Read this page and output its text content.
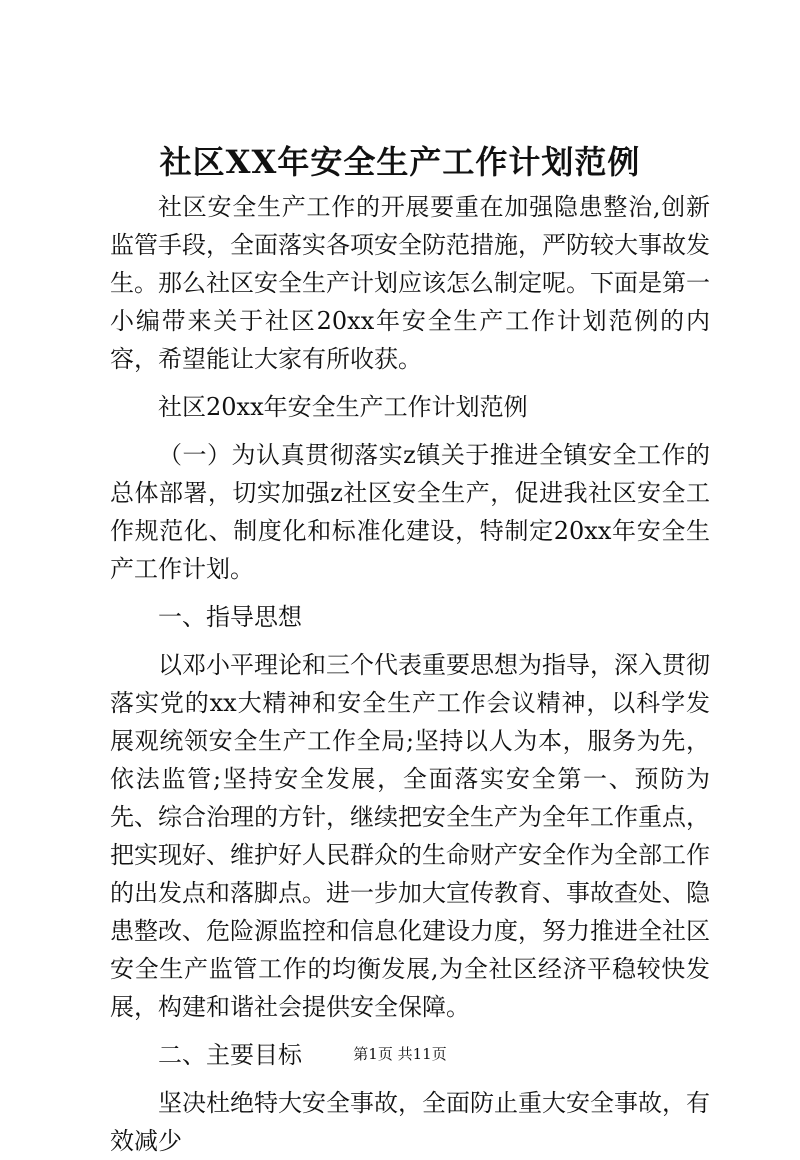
社区XX年安全生产工作计划范例

社区安全生产工作的开展要重在加强隐患整治,创新监管手段，全面落实各项安全防范措施，严防较大事故发生。那么社区安全生产计划应该怎么制定呢。下面是第一小编带来关于社区20xx年安全生产工作计划范例的内容，希望能让大家有所收获。

社区20xx年安全生产工作计划范例

（一）为认真贯彻落实z镇关于推进全镇安全工作的总体部署，切实加强z社区安全生产，促进我社区安全工作规范化、制度化和标准化建设，特制定20xx年安全生产工作计划。

一、指导思想

以邓小平理论和三个代表重要思想为指导，深入贯彻落实党的xx大精神和安全生产工作会议精神，以科学发展观统领安全生产工作全局;坚持以人为本，服务为先，依法监管;坚持安全发展，全面落实安全第一、预防为先、综合治理的方针，继续把安全生产为全年工作重点，把实现好、维护好人民群众的生命财产安全作为全部工作的出发点和落脚点。进一步加大宣传教育、事故查处、隐患整改、危险源监控和信息化建设力度，努力推进全社区安全生产监管工作的均衡发展,为全社区经济平稳较快发展，构建和谐社会提供安全保障。

二、主要目标

坚决杜绝特大安全事故，全面防止重大安全事故，有效减少

第1页 共11页
